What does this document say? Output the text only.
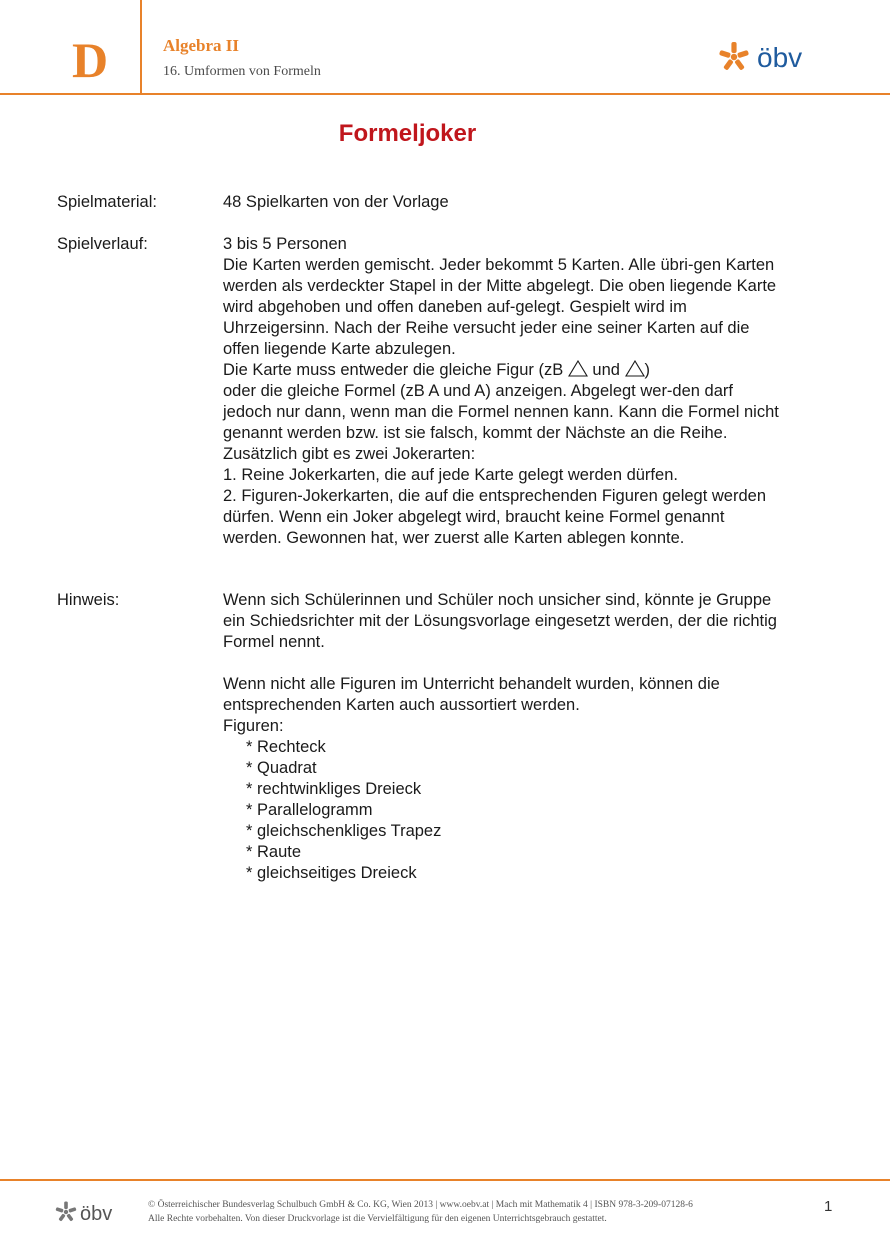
D	Algebra II
16. Umformen von Formeln	öbv
Formeljoker
Spielmaterial:	48 Spielkarten von der Vorlage
Spielverlauf:	3 bis 5 Personen

Die Karten werden gemischt. Jeder bekommt 5 Karten. Alle übri-gen Karten werden als verdeckter Stapel in der Mitte abgelegt. Die oben liegende Karte wird abgehoben und offen daneben auf-gelegt. Gespielt wird im Uhrzeigersinn. Nach der Reihe versucht jeder eine seiner Karten auf die offen liegende Karte abzulegen.

Die Karte muss entweder die gleiche Figur (zB und )

oder die gleiche Formel (zB A und A) anzeigen. Abgelegt wer-den darf jedoch nur dann, wenn man die Formel nennen kann. Kann die Formel nicht genannt werden bzw. ist sie falsch, kommt der Nächste an die Reihe. Zusätzlich gibt es zwei Jokerarten:

1. Reine Jokerkarten, die auf jede Karte gelegt werden dürfen.

2. Figuren-Jokerkarten, die auf die entsprechenden Figuren gelegt werden dürfen. Wenn ein Joker abgelegt wird, braucht keine Formel genannt werden. Gewonnen hat, wer zuerst alle Karten ablegen konnte.

Hinweis:	Wenn sich Schülerinnen und Schüler noch unsicher sind, könnte je Gruppe ein Schiedsrichter mit der Lösungsvorlage eingesetzt werden, der die richtig Formel nennt.

Wenn nicht alle Figuren im Unterricht behandelt wurden, können die entsprechenden Karten auch aussortiert werden.

Figuren:

* Rechteck
* Quadrat
* rechtwinkliges Dreieck
* Parallelogramm
* gleichschenkliges Trapez
* Raute
* gleichseitiges Dreieck
öbv	© Österreichischer Bundesverlag Schulbuch GmbH & Co. KG, Wien 2013 | www.oebv.at | Mach mit Mathematik 4 | ISBN 978-3-209-07128-6
Alle Rechte vorbehalten. Von dieser Druckvorlage ist die Vervielfältigung für den eigenen Unterrichtsgebrauch gestattet.
1
